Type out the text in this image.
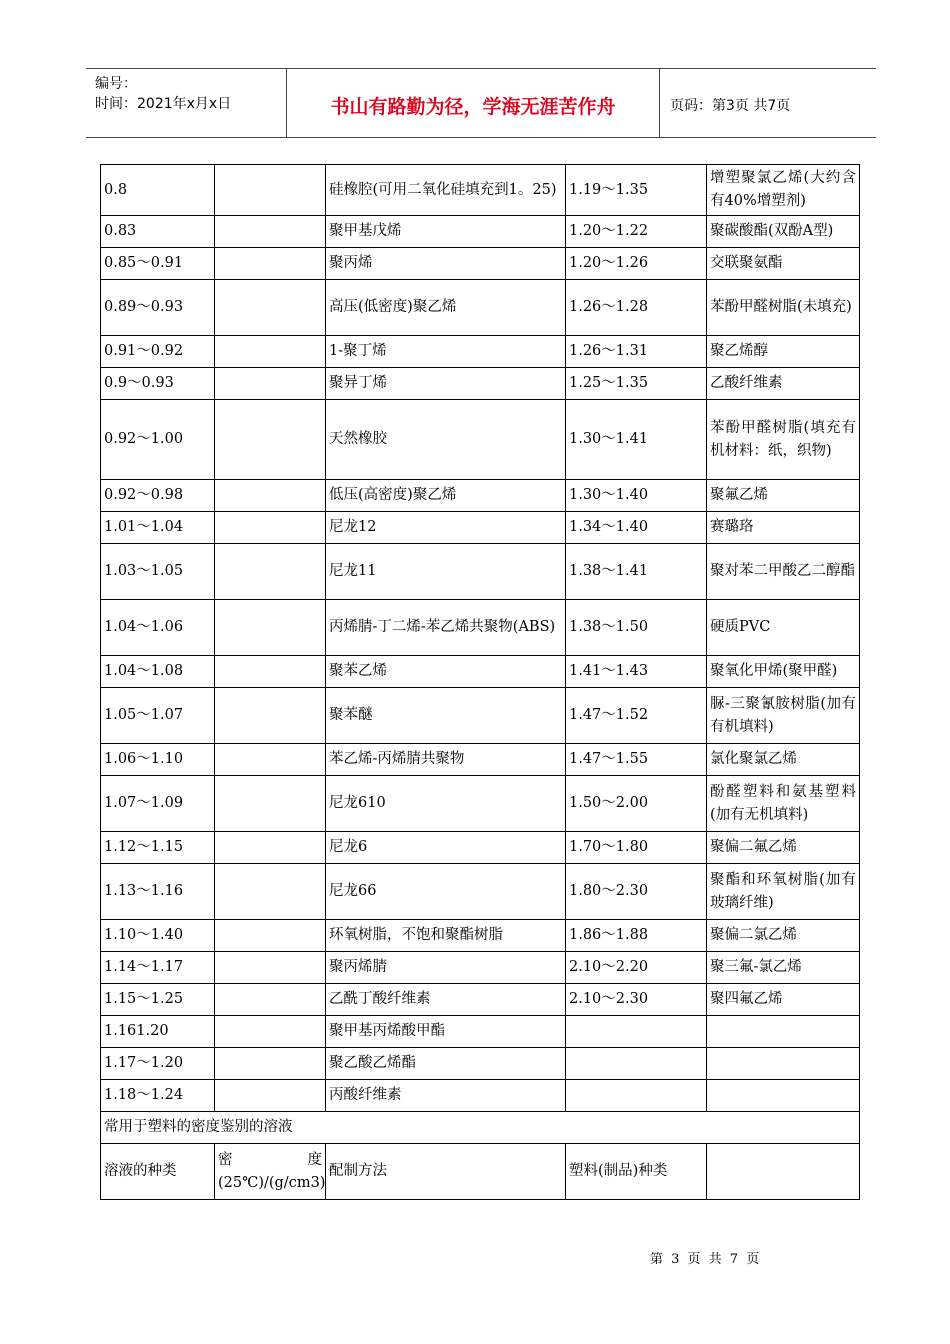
编号：
时间：2021年x月x日	书山有路勤为径，学海无涯苦作舟	页码：第3页 共7页
0.8		硅橡腔(可用二氧化硅填充到1。25)	1.19～1.35	增塑聚氯乙烯(大约含有40%增塑剂)
0.83		聚甲基戊烯	1.20～1.22	聚碳酸酯(双酚A型)
0.85～0.91		聚丙烯	1.20～1.26	交联聚氨酯
0.89～0.93		高压(低密度)聚乙烯	1.26～1.28	苯酚甲醛树脂(未填充)
0.91～0.92		1-聚丁烯	1.26～1.31	聚乙烯醇
0.9～0.93		聚异丁烯	1.25～1.35	乙酸纤维素
0.92～1.00		天然橡胶	1.30～1.41	苯酚甲醛树脂(填充有机材料：纸，织物)
0.92～0.98		低压(高密度)聚乙烯	1.30～1.40	聚氟乙烯
1.01～1.04		尼龙12	1.34～1.40	赛璐珞
1.03～1.05		尼龙11	1.38～1.41	聚对苯二甲酸乙二醇酯
1.04～1.06		丙烯腈-丁二烯-苯乙烯共聚物(ABS)	1.38～1.50	硬质PVC
1.04～1.08		聚苯乙烯	1.41～1.43	聚氧化甲烯(聚甲醛)
1.05～1.07		聚苯醚	1.47～1.52	脲-三聚氰胺树脂(加有有机填料)
1.06～1.10		苯乙烯-丙烯腈共聚物	1.47～1.55	氯化聚氯乙烯
1.07～1.09		尼龙610	1.50～2.00	酚醛塑料和氨基塑料(加有无机填料)
1.12～1.15		尼龙6	1.70～1.80	聚偏二氟乙烯
1.13～1.16		尼龙66	1.80～2.30	聚酯和环氧树脂(加有玻璃纤维)
1.10～1.40		环氧树脂，不饱和聚酯树脂	1.86～1.88	聚偏二氯乙烯
1.14～1.17		聚丙烯腈	2.10～2.20	聚三氟-氯乙烯
1.15～1.25		乙酰丁酸纤维素	2.10～2.30	聚四氟乙烯
1.161.20		聚甲基丙烯酸甲酯		
1.17～1.20		聚乙酸乙烯酯		
1.18～1.24		丙酸纤维素		
常用于塑料的密度鉴别的溶液				
溶液的种类	密度(25℃)/(g/cm3)	配制方法	塑料(制品)种类	
第 3 页 共 7 页
